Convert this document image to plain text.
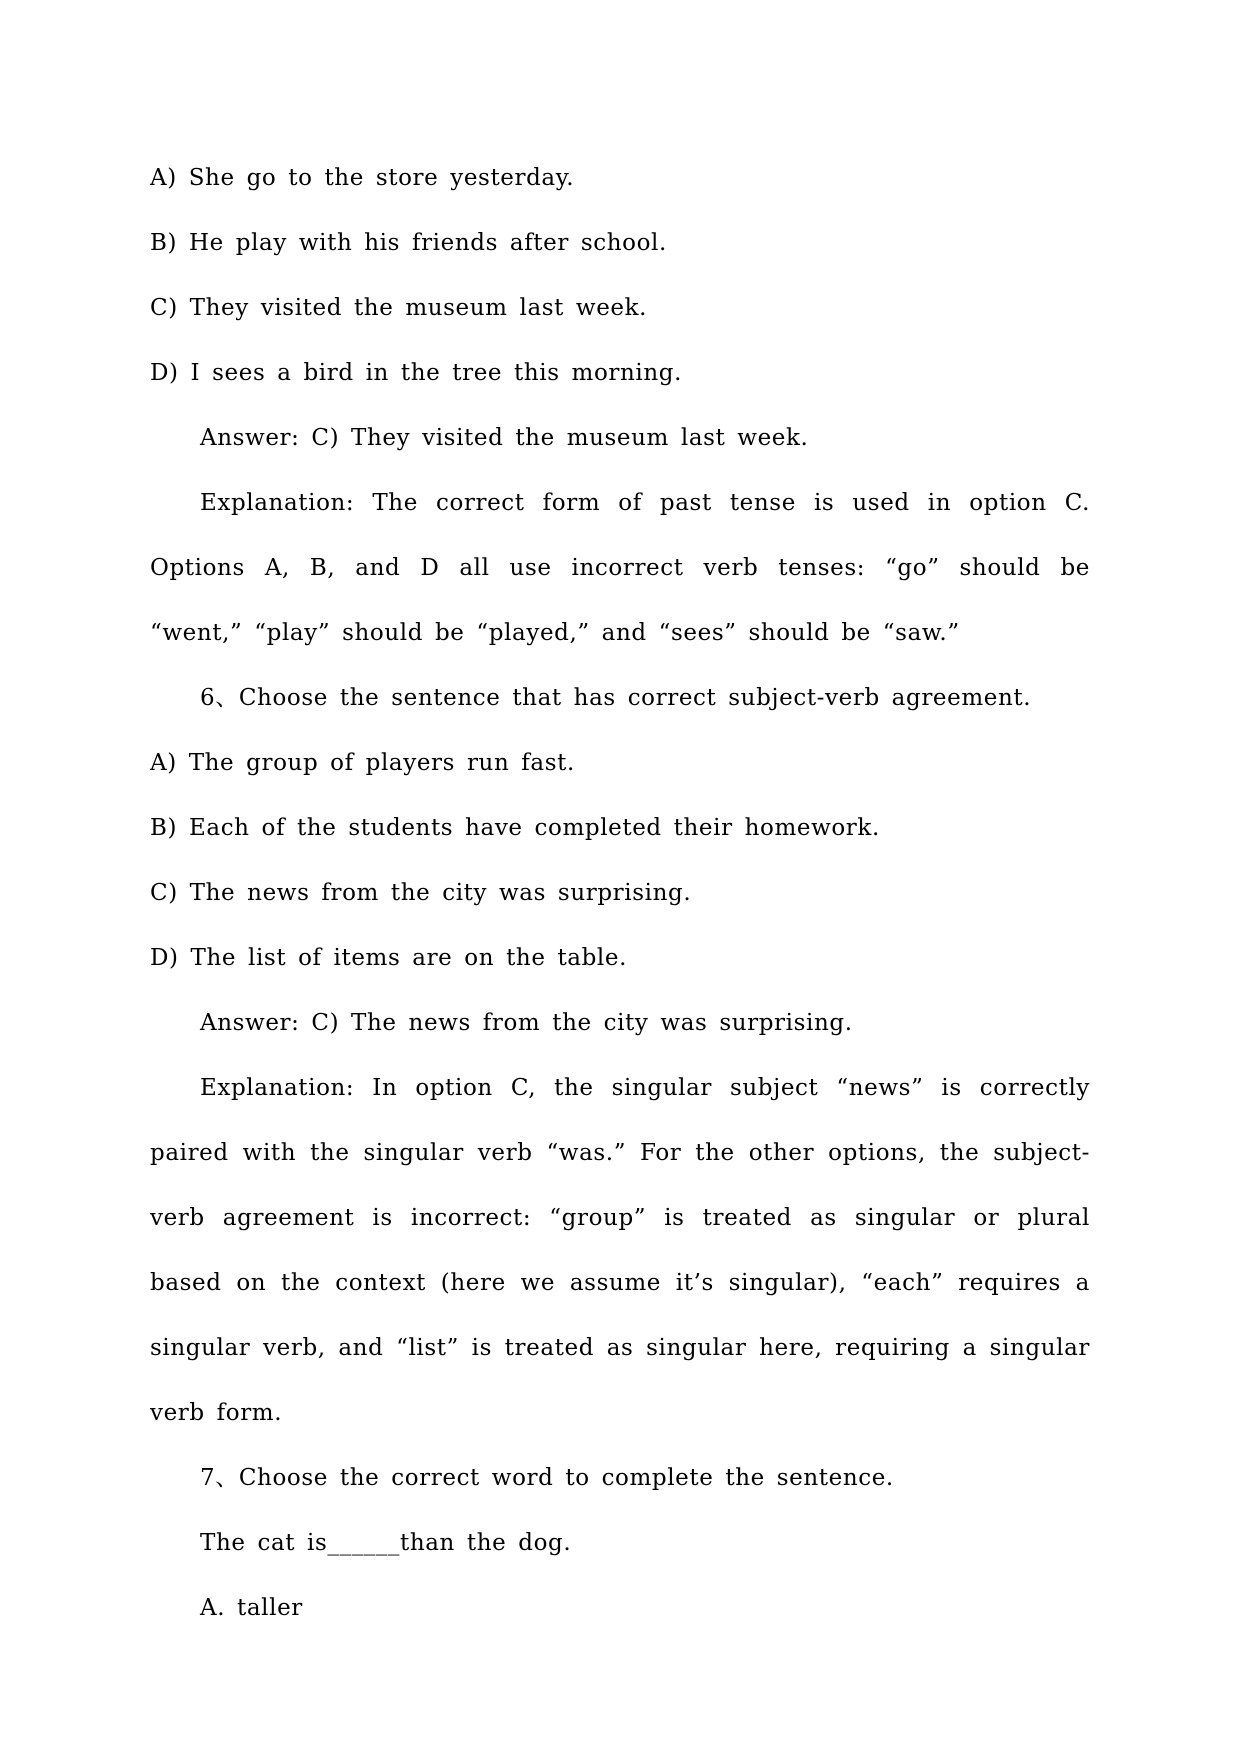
A) She go to the store yesterday.
B) He play with his friends after school.
C) They visited the museum last week.
D) I sees a bird in the tree this morning.
Answer: C) They visited the museum last week.
Explanation: The correct form of past tense is used in option C. Options A, B, and D all use incorrect verb tenses: “go” should be “went,” “play” should be “played,” and “sees” should be “saw.”
6、Choose the sentence that has correct subject-verb agreement.
A) The group of players run fast.
B) Each of the students have completed their homework.
C) The news from the city was surprising.
D) The list of items are on the table.
Answer: C) The news from the city was surprising.
Explanation: In option C, the singular subject “news” is correctly paired with the singular verb “was.” For the other options, the subject-verb agreement is incorrect: “group” is treated as singular or plural based on the context (here we assume it’s singular), “each” requires a singular verb, and “list” is treated as singular here, requiring a singular verb form.
7、Choose the correct word to complete the sentence.
The cat is______than the dog.
A. taller
